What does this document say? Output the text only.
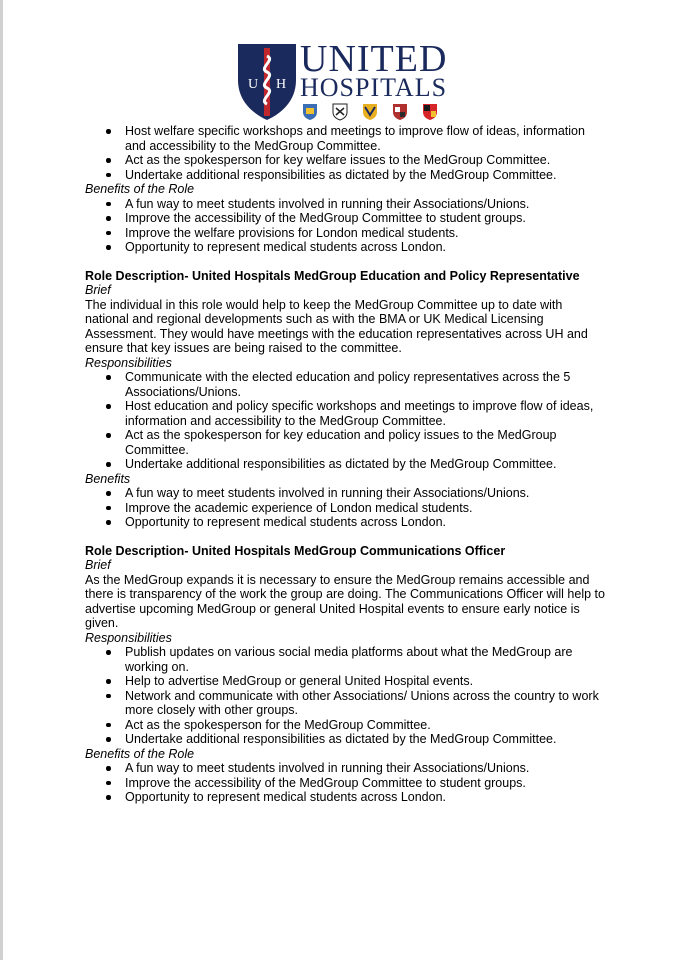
U H
UNITED
HOSPITALS
Host welfare specific workshops and meetings to improve flow of ideas, information and accessibility to the MedGroup Committee.
Act as the spokesperson for key welfare issues to the MedGroup Committee.
Undertake additional responsibilities as dictated by the MedGroup Committee.
Benefits of the Role
A fun way to meet students involved in running their Associations/Unions.
Improve the accessibility of the MedGroup Committee to student groups.
Improve the welfare provisions for London medical students.
Opportunity to represent medical students across London.
Role Description- United Hospitals MedGroup Education and Policy Representative
Brief

The individual in this role would help to keep the MedGroup Committee up to date with national and regional developments such as with the BMA or UK Medical Licensing Assessment. They would have meetings with the education representatives across UH and ensure that key issues are being raised to the committee.

Responsibilities
Communicate with the elected education and policy representatives across the 5 Associations/Unions.
Host education and policy specific workshops and meetings to improve flow of ideas, information and accessibility to the MedGroup Committee.
Act as the spokesperson for key education and policy issues to the MedGroup Committee.
Undertake additional responsibilities as dictated by the MedGroup Committee.
Benefits
A fun way to meet students involved in running their Associations/Unions.
Improve the academic experience of London medical students.
Opportunity to represent medical students across London.
Role Description- United Hospitals MedGroup Communications Officer
Brief

As the MedGroup expands it is necessary to ensure the MedGroup remains accessible and there is transparency of the work the group are doing. The Communications Officer will help to advertise upcoming MedGroup or general United Hospital events to ensure early notice is given.

Responsibilities
Publish updates on various social media platforms about what the MedGroup are working on.
Help to advertise MedGroup or general United Hospital events.
Network and communicate with other Associations/ Unions across the country to work more closely with other groups.
Act as the spokesperson for the MedGroup Committee.
Undertake additional responsibilities as dictated by the MedGroup Committee.
Benefits of the Role
A fun way to meet students involved in running their Associations/Unions.
Improve the accessibility of the MedGroup Committee to student groups.
Opportunity to represent medical students across London.
